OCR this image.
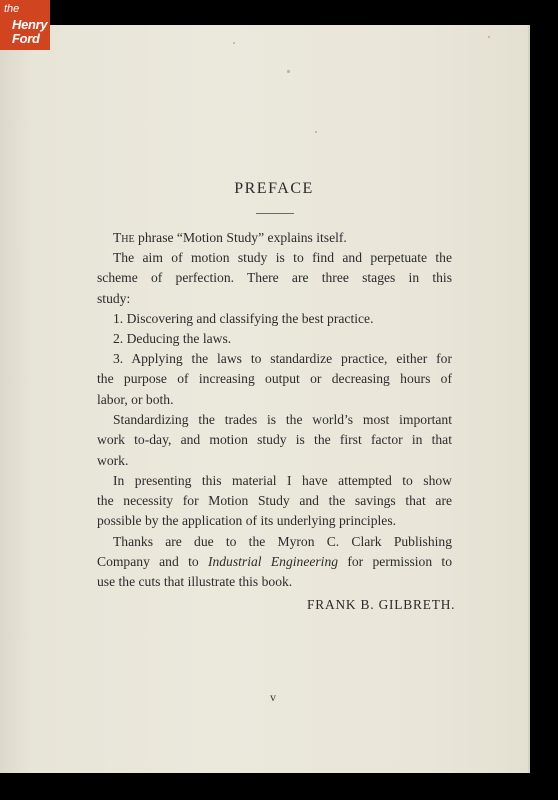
the
Henry
Ford
PREFACE
The phrase “Motion Study” explains itself.
The aim of motion study is to find and perpetuate the
scheme of perfection. There are three stages in this
study:
1. Discovering and classifying the best practice.
2. Deducing the laws.
3. Applying the laws to standardize practice, either for
the purpose of increasing output or decreasing hours of
labor, or both.
Standardizing the trades is the world’s most important
work to-day, and motion study is the first factor in that
work.
In presenting this material I have attempted to show
the necessity for Motion Study and the savings that are
possible by the application of its underlying principles.
Thanks are due to the Myron C. Clark Publishing
Company and to Industrial Engineering for permission to
use the cuts that illustrate this book.
FRANK B. GILBRETH.
v
